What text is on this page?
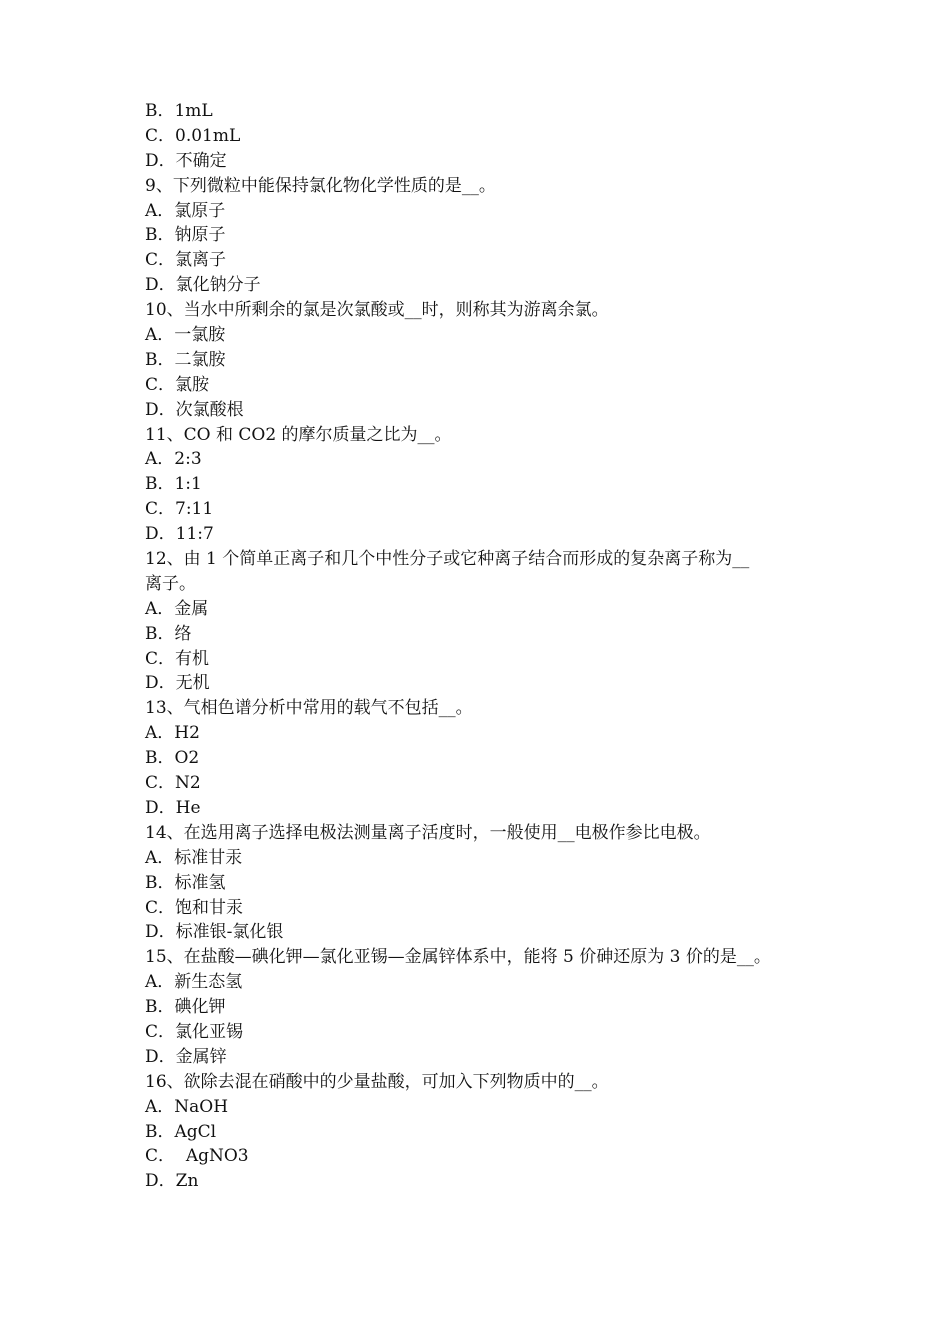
B．1mL
C．0.01mL
D．不确定
9、下列微粒中能保持氯化物化学性质的是__。
A．氯原子
B．钠原子
C．氯离子
D．氯化钠分子
10、当水中所剩余的氯是次氯酸或__时，则称其为游离余氯。
A．一氯胺
B．二氯胺
C．氯胺
D．次氯酸根
11、CO 和 CO2 的摩尔质量之比为__。
A．2:3
B．1:1
C．7:11
D．11:7
12、由 1 个简单正离子和几个中性分子或它种离子结合而形成的复杂离子称为__
离子。
A．金属
B．络
C．有机
D．无机
13、气相色谱分析中常用的载气不包括__。
A．H2
B．O2
C．N2
D．He
14、在选用离子选择电极法测量离子活度时，一般使用__电极作参比电极。
A．标准甘汞
B．标准氢
C．饱和甘汞
D．标准银-氯化银
15、在盐酸—碘化钾—氯化亚锡—金属锌体系中，能将 5 价砷还原为 3 价的是__。
A．新生态氢
B．碘化钾
C．氯化亚锡
D．金属锌
16、欲除去混在硝酸中的少量盐酸，可加入下列物质中的__。
A．NaOH
B．AgCl
C．  AgNO3
D．Zn
